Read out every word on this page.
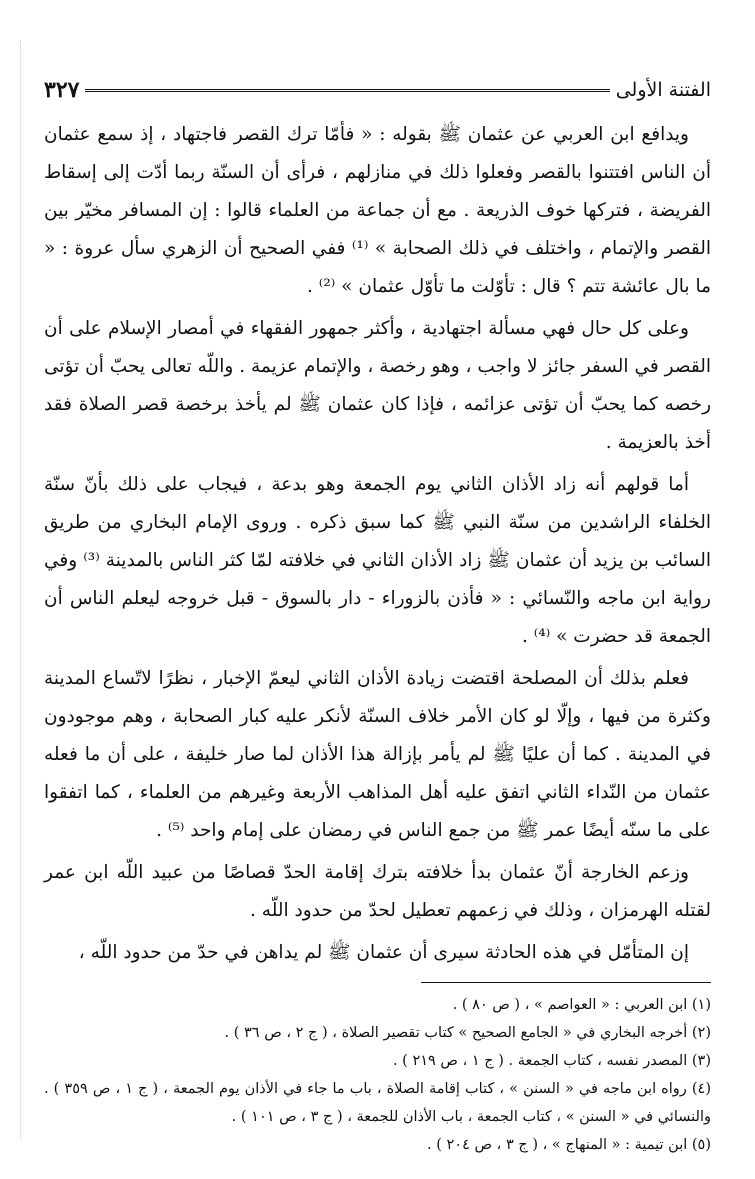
الفتنة الأولى
٣٢٧

ويدافع ابن العربي عن عثمان ﷺ بقوله : « فأمّا ترك القصر فاجتهاد ، إذ سمع عثمان أن الناس افتتنوا بالقصر وفعلوا ذلك في منازلهم ، فرأى أن السنّة ربما أدّت إلى إسقاط الفريضة ، فتركها خوف الذريعة . مع أن جماعة من العلماء قالوا : إن المسافر مخيّر بين القصر والإتمام ، واختلف في ذلك الصحابة » ⁽¹⁾ ففي الصحيح أن الزهري سأل عروة : « ما بال عائشة تتم ؟ قال : تأوّلت ما تأوّل عثمان » ⁽²⁾ .

وعلى كل حال فهي مسألة اجتهادية ، وأكثر جمهور الفقهاء في أمصار الإسلام على أن القصر في السفر جائز لا واجب ، وهو رخصة ، والإتمام عزيمة . واللّه تعالى يحبّ أن تؤتى رخصه كما يحبّ أن تؤتى عزائمه ، فإذا كان عثمان ﷺ لم يأخذ برخصة قصر الصلاة فقد أخذ بالعزيمة .

أما قولهم أنه زاد الأذان الثاني يوم الجمعة وهو بدعة ، فيجاب على ذلك بأنّ سنّة الخلفاء الراشدين من سنّة النبي ﷺ كما سبق ذكره . وروى الإمام البخاري من طريق السائب بن يزيد أن عثمان ﷺ زاد الأذان الثاني في خلافته لمّا كثر الناس بالمدينة ⁽³⁾ وفي رواية ابن ماجه والنّسائي : « فأذن بالزوراء - دار بالسوق - قبل خروجه ليعلم الناس أن الجمعة قد حضرت » ⁽⁴⁾ .

فعلم بذلك أن المصلحة اقتضت زيادة الأذان الثاني ليعمّ الإخبار ، نظرًا لاتّساع المدينة وكثرة من فيها ، وإلّا لو كان الأمر خلاف السنّة لأنكر عليه كبار الصحابة ، وهم موجودون في المدينة . كما أن عليًا ﷺ لم يأمر بإزالة هذا الأذان لما صار خليفة ، على أن ما فعله عثمان من النّداء الثاني اتفق عليه أهل المذاهب الأربعة وغيرهم من العلماء ، كما اتفقوا على ما سنّه أيضًا عمر ﷺ من جمع الناس في رمضان على إمام واحد ⁽⁵⁾ .

وزعم الخارجة أنّ عثمان بدأ خلافته بترك إقامة الحدّ قصاصًا من عبيد اللّه ابن عمر لقتله الهرمزان ، وذلك في زعمهم تعطيل لحدّ من حدود اللّه .

إن المتأمّل في هذه الحادثة سيرى أن عثمان ﷺ لم يداهن في حدّ من حدود اللّه ،

(١) ابن العربي : « العواصم » ، ( ص ٨٠ ) .

(٢) أخرجه البخاري في « الجامع الصحيح » كتاب تقصير الصلاة ، ( ج ٢ ، ص ٣٦ ) .

(٣) المصدر نفسه ، كتاب الجمعة . ( ج ١ ، ص ٢١٩ ) .

(٤) رواه ابن ماجه في « السنن » ، كتاب إقامة الصلاة ، باب ما جاء في الأذان يوم الجمعة ، ( ج ١ ، ص ٣٥٩ ) . والنسائي في « السنن » ، كتاب الجمعة ، باب الأذان للجمعة ، ( ج ٣ ، ص ١٠١ ) .

(٥) ابن تيمية : « المنهاج » ، ( ج ٣ ، ص ٢٠٤ ) .
